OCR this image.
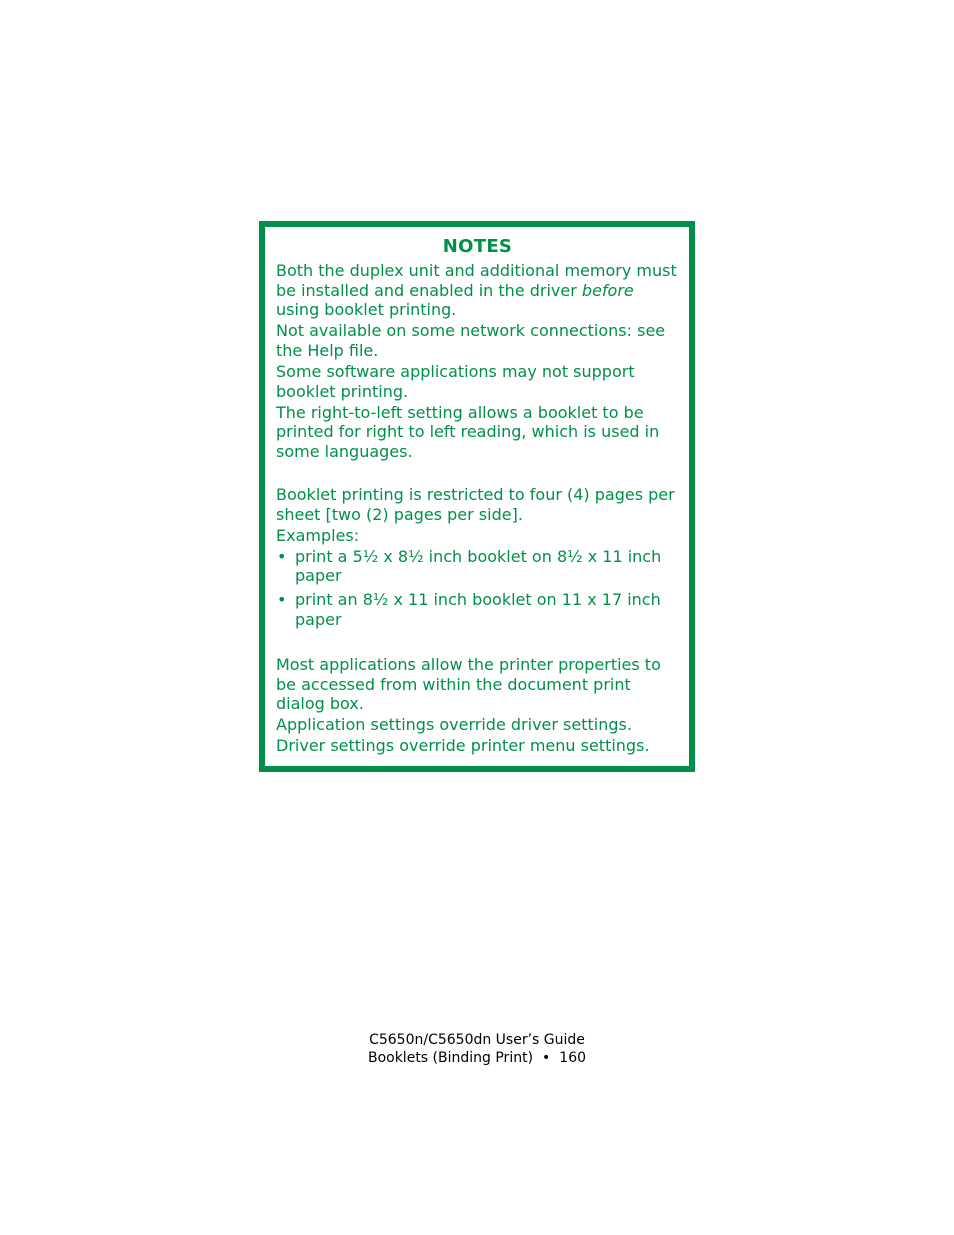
NOTES

Both the duplex unit and additional memory must be installed and enabled in the driver before using booklet printing.

Not available on some network connections: see the Help file.

Some software applications may not support booklet printing.

The right-to-left setting allows a booklet to be printed for right to left reading, which is used in some languages.

Booklet printing is restricted to four (4) pages per sheet [two (2) pages per side].

Examples:

• print a 5½ x 8½ inch booklet on 8½ x 11 inch paper
• print an 8½ x 11 inch booklet on 11 x 17 inch paper

Most applications allow the printer properties to be accessed from within the document print dialog box.

Application settings override driver settings.

Driver settings override printer menu settings.

C5650n/C5650dn User’s Guide
Booklets (Binding Print) • 160
